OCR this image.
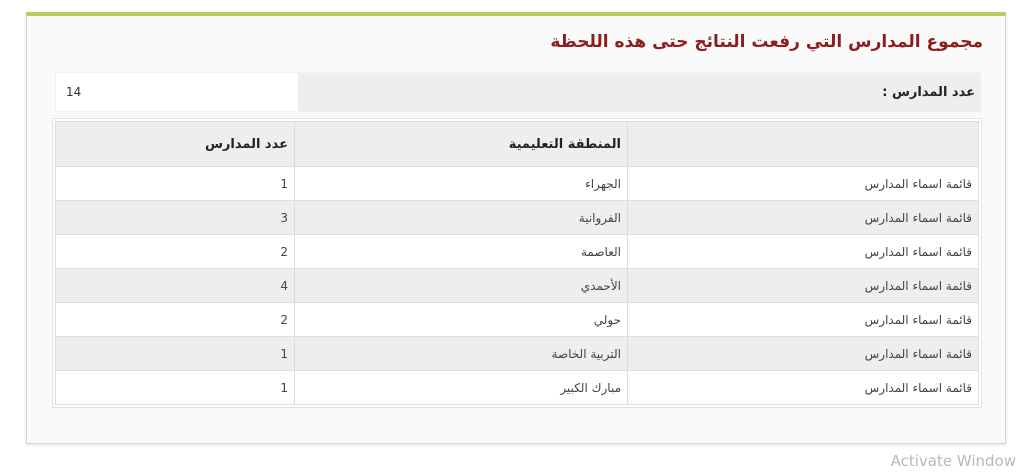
مجموع المدارس التي رفعت النتائج حتى هذه اللحظة
عدد المدارس :
14
	المنطقة التعليمية	عدد المدارس
قائمة اسماء المدارس	الجهراء	1
قائمة اسماء المدارس	الفروانية	3
قائمة اسماء المدارس	العاصمة	2
قائمة اسماء المدارس	الأحمدي	4
قائمة اسماء المدارس	حولي	2
قائمة اسماء المدارس	التربية الخاصة	1
قائمة اسماء المدارس	مبارك الكبير	1
Activate Window
